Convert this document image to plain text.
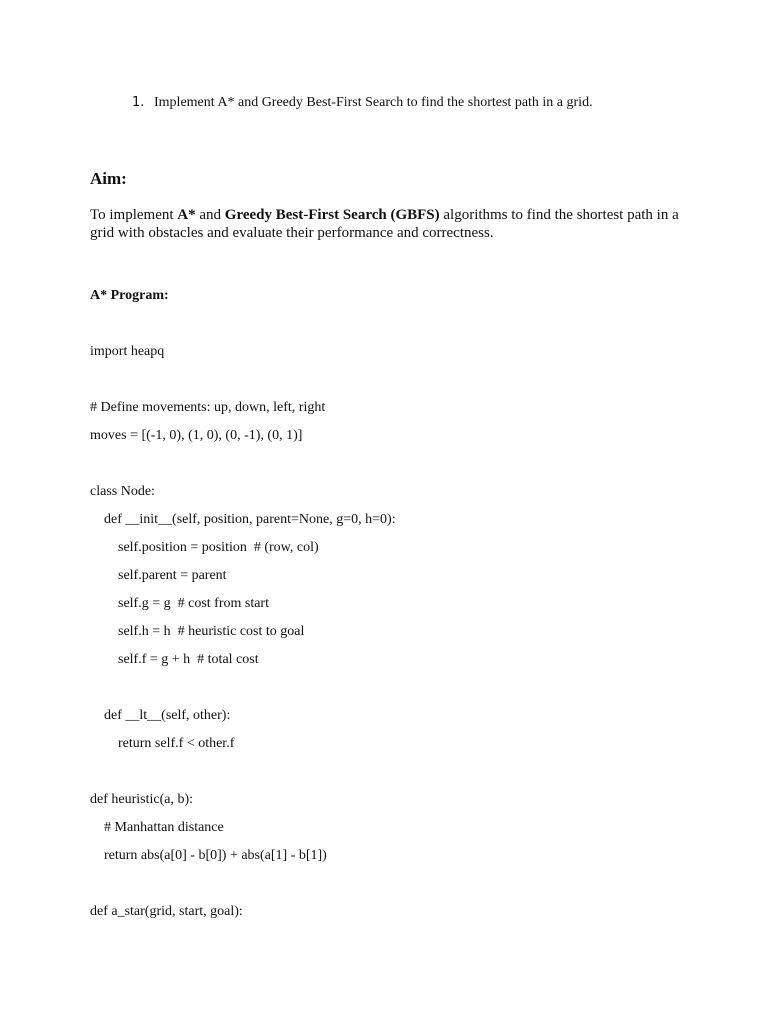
1. Implement A* and Greedy Best-First Search to find the shortest path in a grid.
Aim:
To implement A* and Greedy Best-First Search (GBFS) algorithms to find the shortest path in a grid with obstacles and evaluate their performance and correctness.
A* Program:
import heapq
# Define movements: up, down, left, right
moves = [(-1, 0), (1, 0), (0, -1), (0, 1)]
class Node:
def __init__(self, position, parent=None, g=0, h=0):
self.position = position  # (row, col)
self.parent = parent
self.g = g  # cost from start
self.h = h  # heuristic cost to goal
self.f = g + h  # total cost
def __lt__(self, other):
return self.f < other.f
def heuristic(a, b):
# Manhattan distance
return abs(a[0] - b[0]) + abs(a[1] - b[1])
def a_star(grid, start, goal):
